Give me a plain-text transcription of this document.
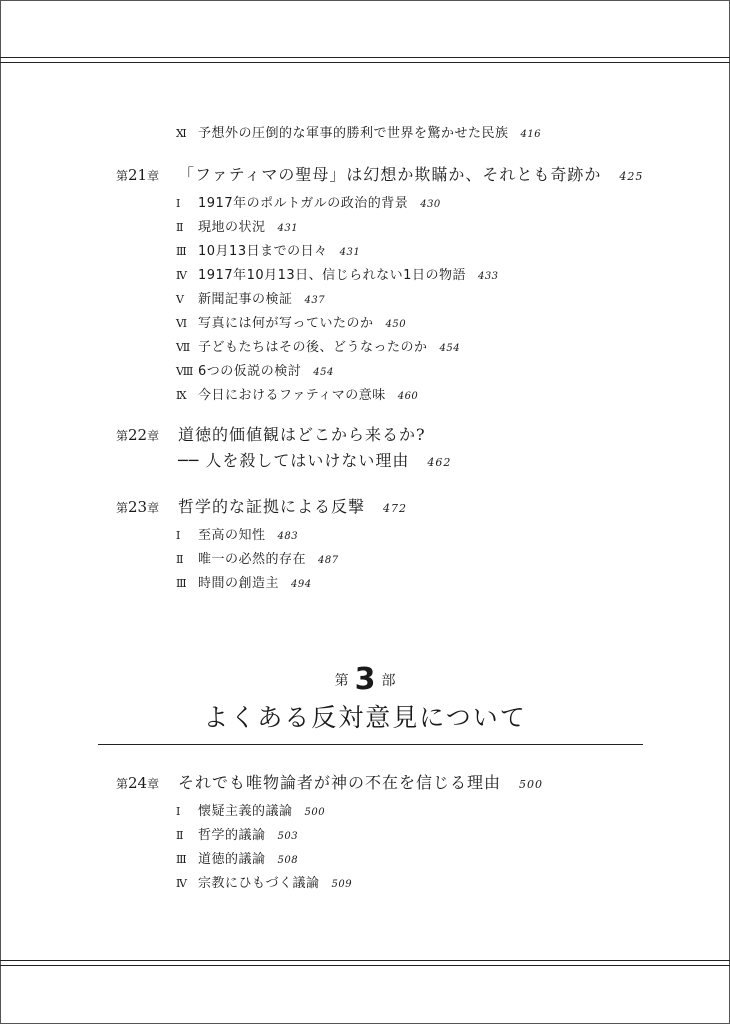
Ⅺ 予想外の圧倒的な軍事的勝利で世界を驚かせた民族 416
第21章 「ファティマの聖母」は幻想か欺瞞か、それとも奇跡か 425
Ⅰ 1917年のポルトガルの政治的背景 430
Ⅱ 現地の状況 431
Ⅲ 10月13日までの日々 431
Ⅳ 1917年10月13日、信じられない1日の物語 433
Ⅴ 新聞記事の検証 437
Ⅵ 写真には何が写っていたのか 450
Ⅶ 子どもたちはその後、どうなったのか 454
Ⅷ 6つの仮説の検討 454
Ⅸ 今日におけるファティマの意味 460
第22章 道徳的価値観はどこから来るか?
── 人を殺してはいけない理由 462
第23章 哲学的な証拠による反撃 472
Ⅰ 至高の知性 483
Ⅱ 唯一の必然的存在 487
Ⅲ 時間の創造主 494
第 3 部
よくある反対意見について
第24章 それでも唯物論者が神の不在を信じる理由 500
Ⅰ 懐疑主義的議論 500
Ⅱ 哲学的議論 503
Ⅲ 道徳的議論 508
Ⅳ 宗教にひもづく議論 509
